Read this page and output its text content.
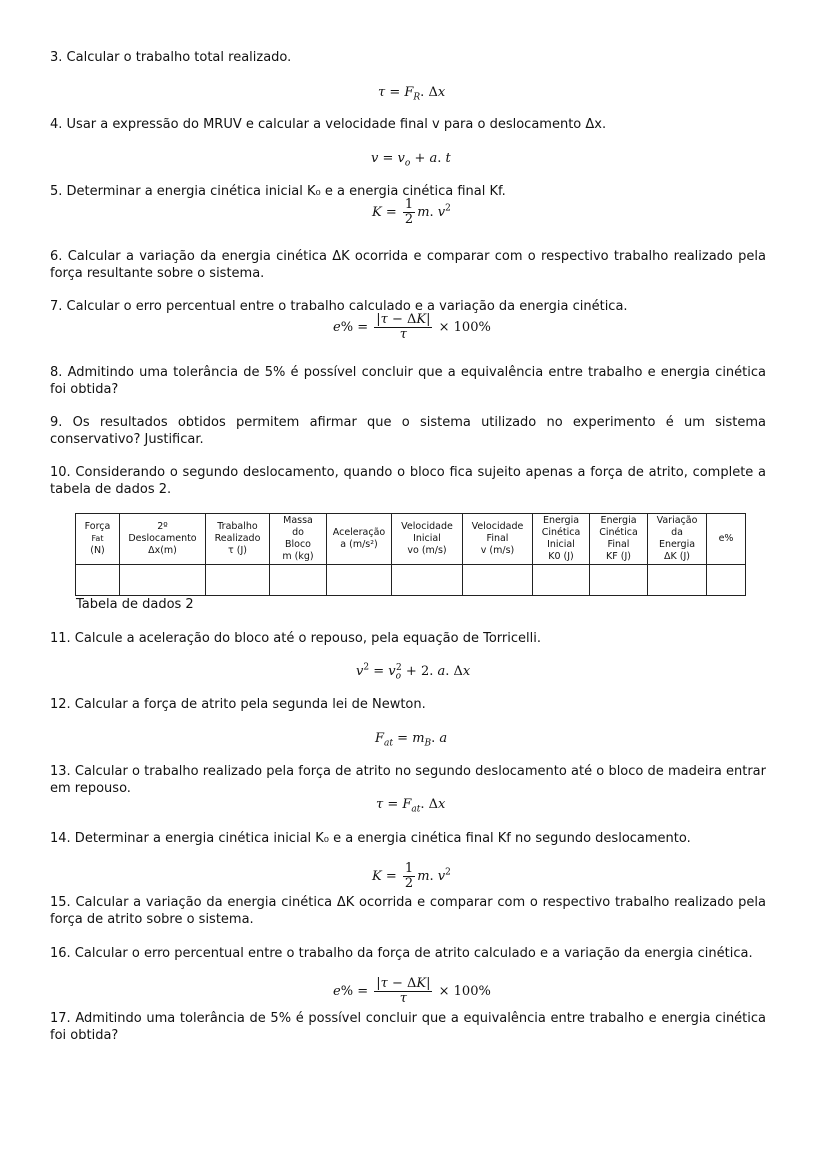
3. Calcular o trabalho total realizado.
$\tau = F_R$. Δx
4. Usar a expressão do MRUV e calcular a velocidade final v para o deslocamento Δx.
$v = v_o + a$. t
5. Determinar a energia cinética inicial K₀ e a energia cinética final Kf.
$K = \frac{1}{2} m$. $v^2$
6. Calcular a variação da energia cinética ΔK ocorrida e comparar com o respectivo trabalho realizado pela força resultante sobre o sistema.
7. Calcular o erro percentual entre o trabalho calculado e a variação da energia cinética.
$e\% = \frac{|\tau - \Delta K|}{\tau} \times 100\%$
8. Admitindo uma tolerância de 5% é possível concluir que a equivalência entre trabalho e energia cinética foi obtida?
9. Os resultados obtidos permitem afirmar que o sistema utilizado no experimento é um sistema conservativo? Justificar.
10. Considerando o segundo deslocamento, quando o bloco fica sujeito apenas a força de atrito, complete a tabela de dados 2.
Força
Fat
(N)	2º
Deslocamento
Δx(m)	Trabalho
Realizado
τ (J)	Massa
do
Bloco
m (kg)	Aceleração
a (m/s²)	Velocidade
Inicial
vo (m/s)	Velocidade
Final
v (m/s)	Energia
Cinética
Inicial
K0 (J)	Energia
Cinética
Final
KF (J)	Variação
da
Energia
ΔK (J)	e%

Tabela de dados 2
11. Calcule a aceleração do bloco até o repouso, pela equação de Torricelli.
$v^2 = v_o^2 + 2$. a. Δx
12. Calcular a força de atrito pela segunda lei de Newton.
$F_{at} = m_B$. a
13. Calcular o trabalho realizado pela força de atrito no segundo deslocamento até o bloco de madeira entrar em repouso.
$\tau = F_{at}$. Δx
14. Determinar a energia cinética inicial K₀ e a energia cinética final Kf no segundo deslocamento.
$K = \frac{1}{2} m$. $v^2$
15. Calcular a variação da energia cinética ΔK ocorrida e comparar com o respectivo trabalho realizado pela força de atrito sobre o sistema.
16. Calcular o erro percentual entre o trabalho da força de atrito calculado e a variação da energia cinética.
$e\% = \frac{|\tau - \Delta K|}{\tau} \times 100\%$
17. Admitindo uma tolerância de 5% é possível concluir que a equivalência entre trabalho e energia cinética foi obtida?
